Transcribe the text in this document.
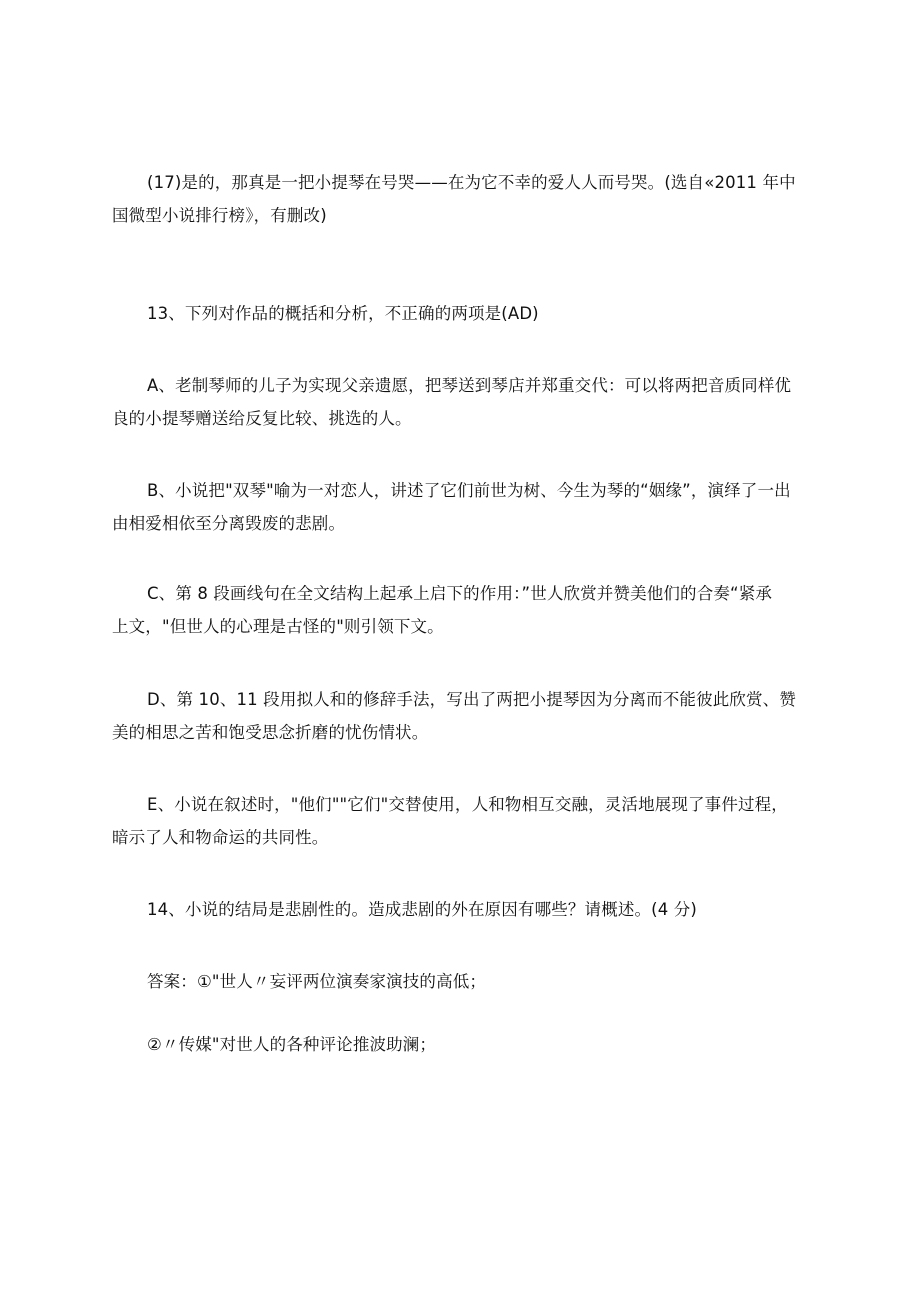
(17)是的，那真是一把小提琴在号哭——在为它不幸的爱人人而号哭。(选自«2011 年中
国微型小说排行榜》，有删改)

13、下列对作品的概括和分析，不正确的两项是(AD)

A、老制琴师的儿子为实现父亲遗愿，把琴送到琴店并郑重交代：可以将两把音质同样优
良的小提琴赠送给反复比较、挑选的人。

B、小说把"双琴"喻为一对恋人，讲述了它们前世为树、今生为琴的“姻缘”，演绎了一出
由相爱相依至分离毁废的悲剧。

C、第 8 段画线句在全文结构上起承上启下的作用：”世人欣赏并赞美他们的合奏“紧承
上文，"但世人的心理是古怪的"则引领下文。

D、第 10、11 段用拟人和的修辞手法，写出了两把小提琴因为分离而不能彼此欣赏、赞
美的相思之苦和饱受思念折磨的忧伤情状。

E、小说在叙述时，"他们""它们"交替使用，人和物相互交融，灵活地展现了事件过程，
暗示了人和物命运的共同性。

14、小说的结局是悲剧性的。造成悲剧的外在原因有哪些？请概述。(4 分)

答案：①"世人〃妄评两位演奏家演技的高低；

②〃传媒"对世人的各种评论推波助澜；
